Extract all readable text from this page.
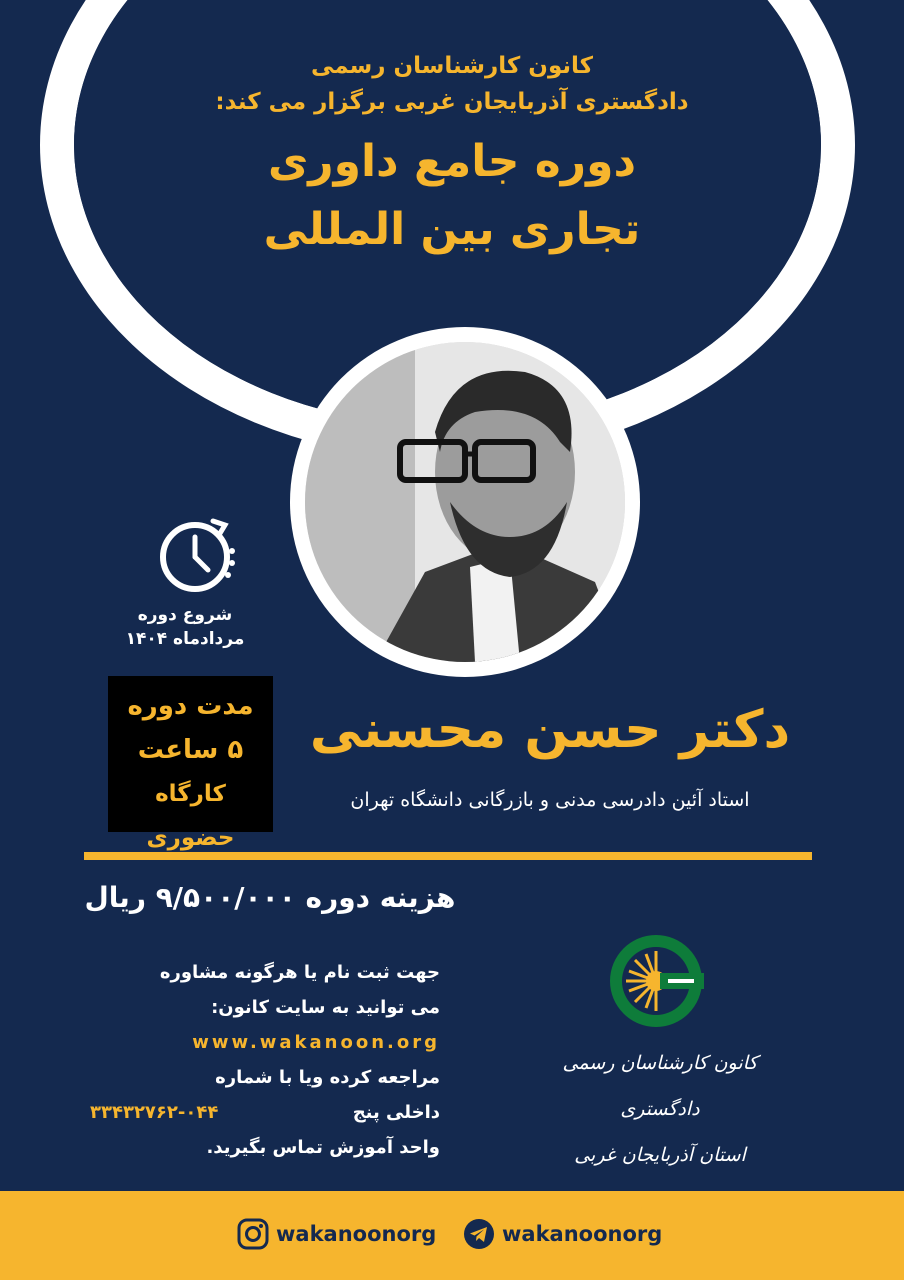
کانون کارشناسان رسمی
دادگستری آذربایجان غربی برگزار می کند:
دوره جامع داوری
تجاری بین المللی
شروع دوره
مردادماه ۱۴۰۴
مدت دوره
۵ ساعت
کارگاه حضوری
دکتر حسن محسنی
استاد آئین دادرسی مدنی و بازرگانی دانشگاه تهران
هزینه دوره ۹/۵۰۰/۰۰۰ ریال
جهت ثبت نام یا هرگونه مشاوره
می توانید به سایت کانون:
www.wakanoon.org
مراجعه کرده ویا با شماره
داخلی پنج
۳۳۴۳۲۷۶۲-۰۴۴
واحد آموزش تماس بگیرید.
کانون کارشناسان رسمی دادگستری
استان آذربایجان غربی
wakanoonorg	wakanoonorg
